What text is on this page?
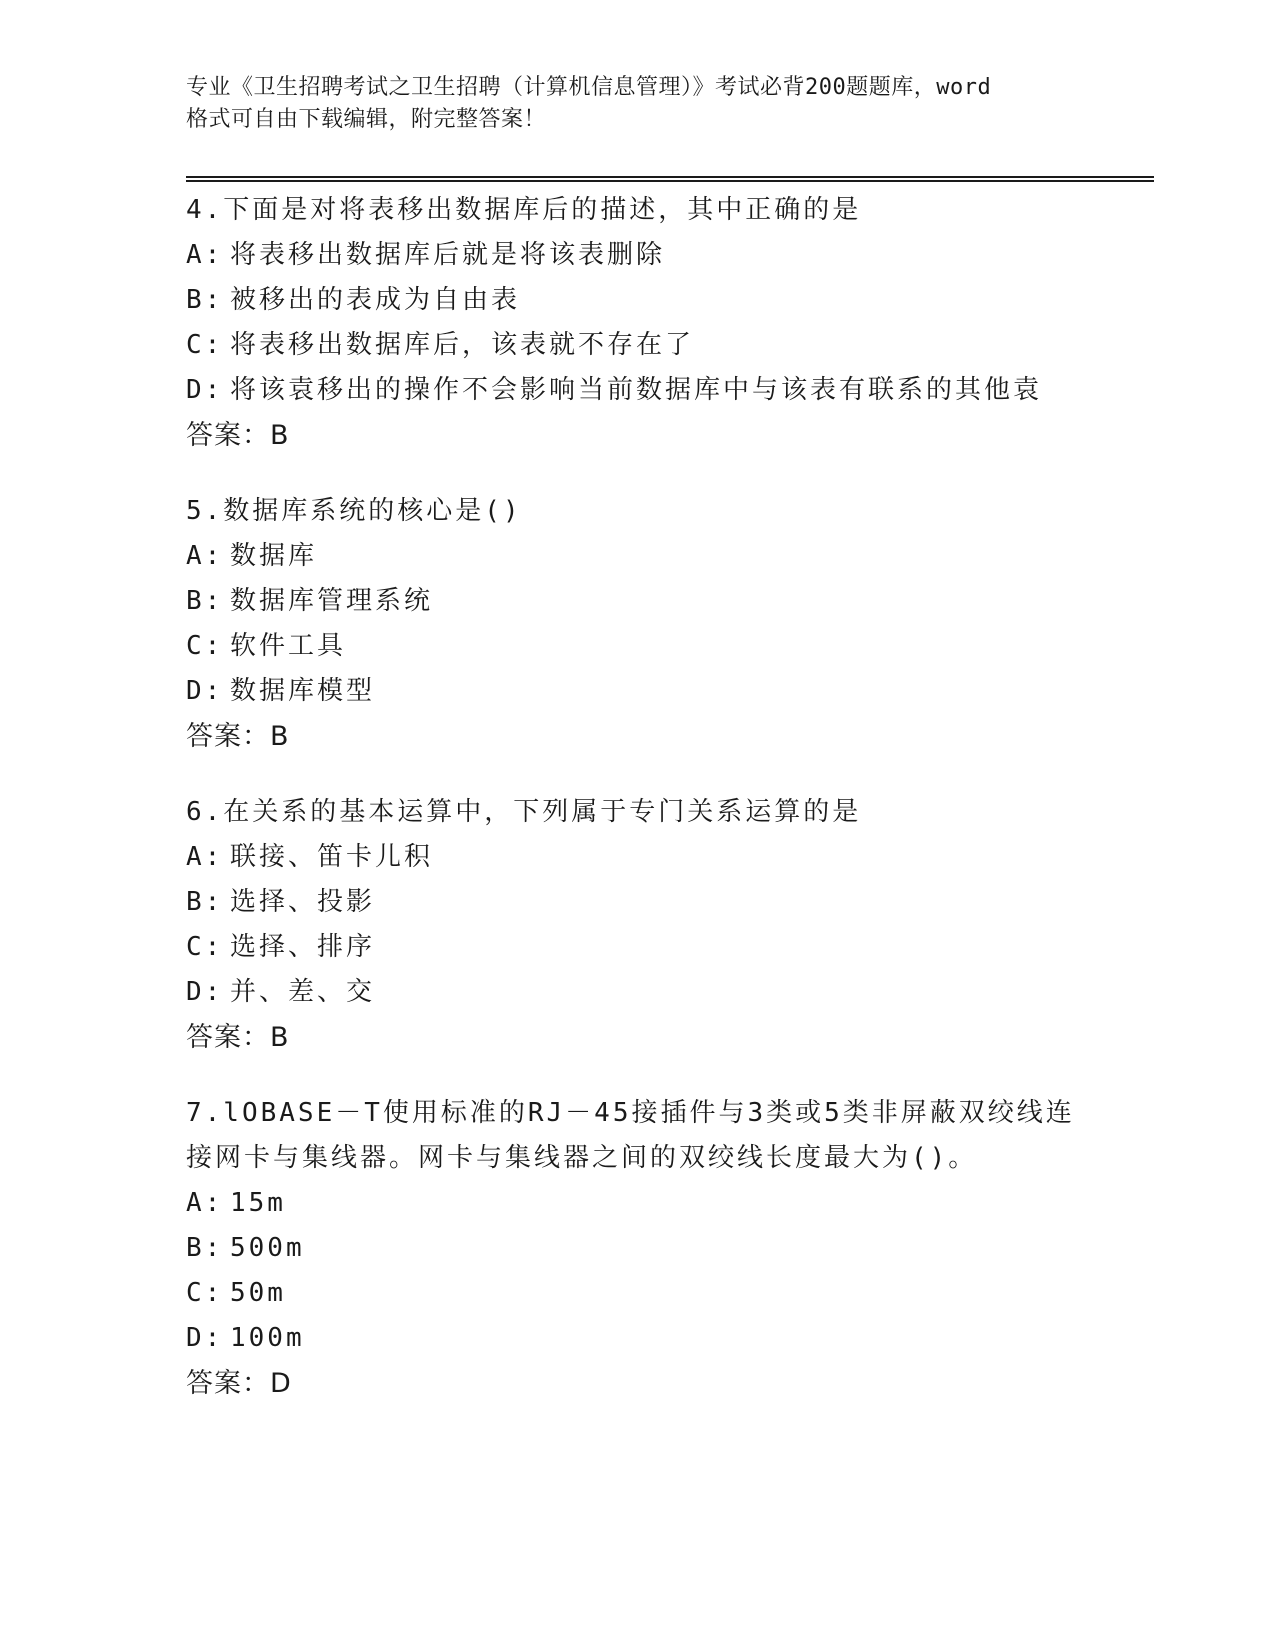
专业《卫生招聘考试之卫生招聘（计算机信息管理）》考试必背200题题库，word
格式可自由下载编辑，附完整答案！
4.下面是对将表移出数据库后的描述，其中正确的是
A: 将表移出数据库后就是将该表删除
B: 被移出的表成为自由表
C: 将表移出数据库后，该表就不存在了
D: 将该袁移出的操作不会影响当前数据库中与该表有联系的其他袁
答案：B
5.数据库系统的核心是()
A: 数据库
B: 数据库管理系统
C: 软件工具
D: 数据库模型
答案：B
6.在关系的基本运算中，下列属于专门关系运算的是
A: 联接、笛卡儿积
B: 选择、投影
C: 选择、排序
D: 并、差、交
答案：B
7.lOBASE－T使用标准的RJ－45接插件与3类或5类非屏蔽双绞线连接网卡与集线器。网卡与集线器之间的双绞线长度最大为()。
A: 15m
B: 500m
C: 50m
D: 100m
答案：D
